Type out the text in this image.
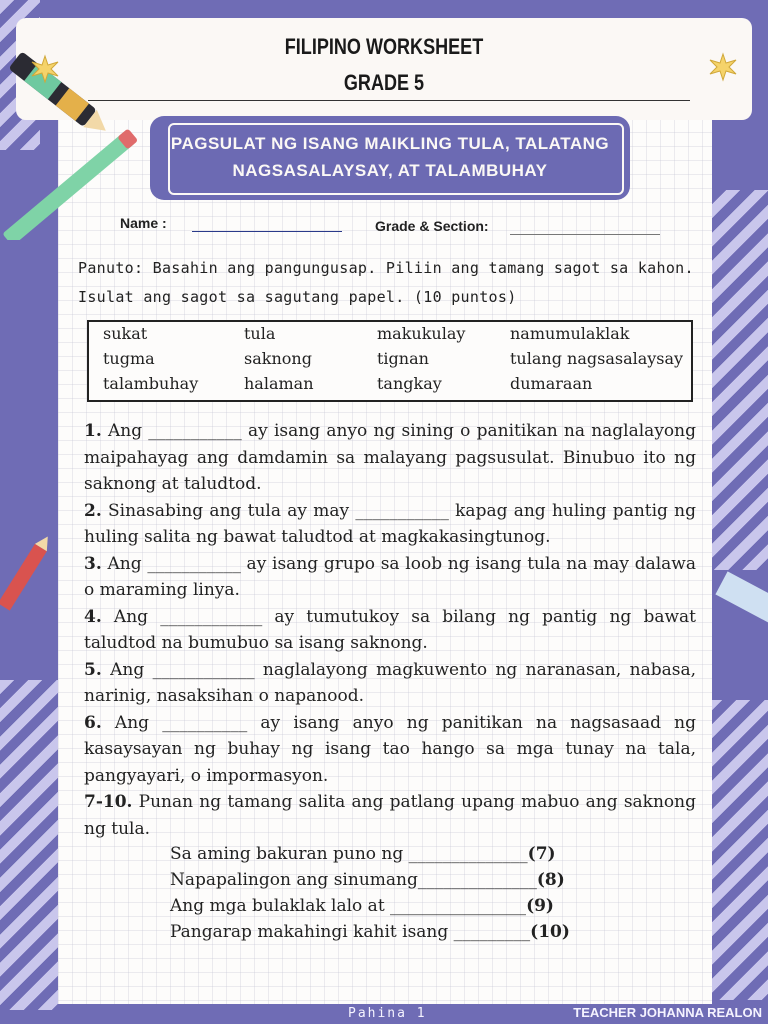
FILIPINO WORKSHEET
GRADE 5
PAGSULAT NG ISANG MAIKLING TULA, TALATANG
NAGSASALAYSAY, AT TALAMBUHAY
Name :	Grade & Section:
Panuto: Basahin ang pangungusap. Piliin ang tamang sagot sa kahon. Isulat ang sagot sa sagutang papel. (10 puntos)
sukat	tula	makukulay	namumulaklak
tugma	saknong	tignan	tulang nagsasalaysay
talambuhay	halaman	tangkay	dumaraan

1. Ang ___________ ay isang anyo ng sining o panitikan na naglalayong maipahayag ang damdamin sa malayang pagsusulat. Binubuo ito ng saknong at taludtod.

2. Sinasabing ang tula ay may ___________ kapag ang huling pantig ng huling salita ng bawat taludtod at magkakasingtunog.

3. Ang ___________ ay isang grupo sa loob ng isang tula na may dalawa o maraming linya.

4. Ang ____________ ay tumutukoy sa bilang ng pantig ng bawat taludtod na bumubuo sa isang saknong.

5. Ang ____________ naglalayong magkuwento ng naranasan, nabasa, narinig, nasaksihan o napanood.

6. Ang __________ ay isang anyo ng panitikan na nagsasaad ng kasaysayan ng buhay ng isang tao hango sa mga tunay na tala, pangyayari, o impormasyon.

7-10. Punan ng tamang salita ang patlang upang mabuo ang saknong ng tula.

Sa aming bakuran puno ng ______________(7)
Napapalingon ang sinumang______________(8)
Ang mga bulaklak lalo at ________________(9)
Pangarap makahingi kahit isang _________(10)
Pahina 1	TEACHER JOHANNA REALON
